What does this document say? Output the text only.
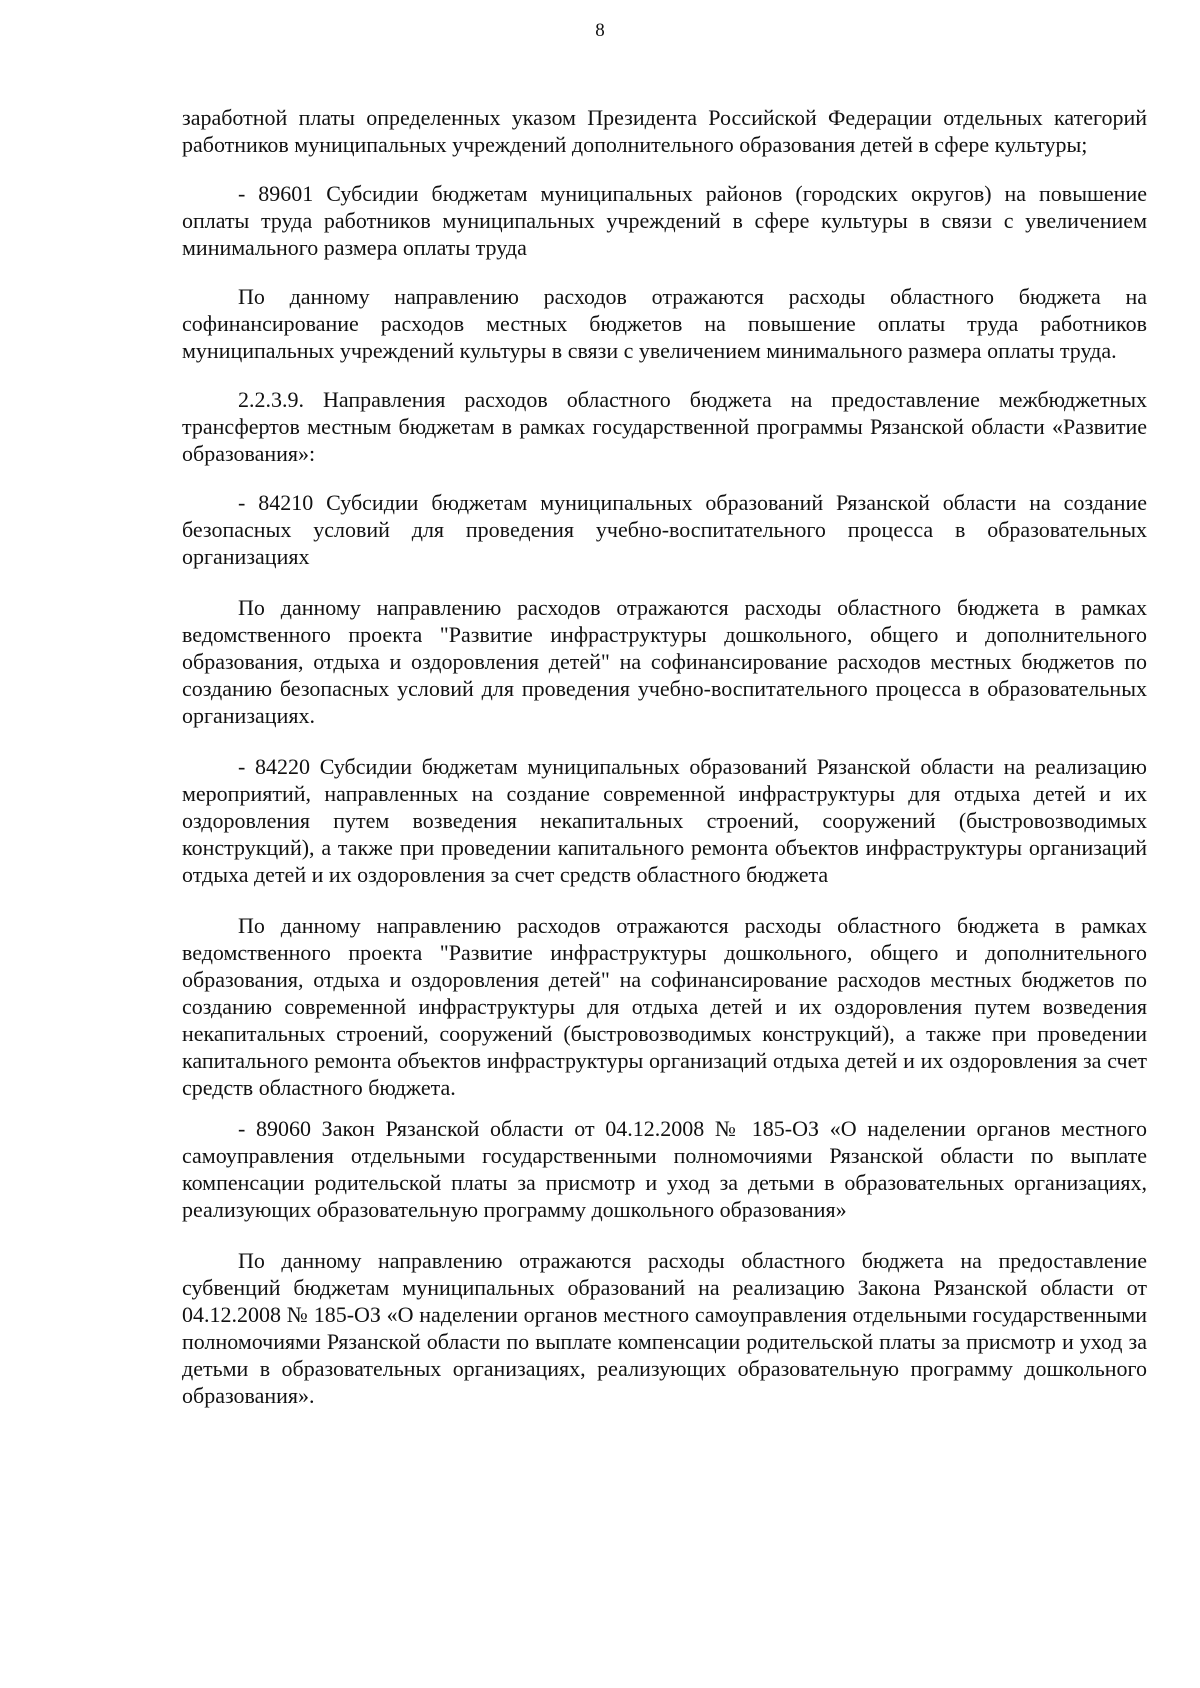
8

заработной платы определенных указом Президента Российской Федерации отдельных категорий работников муниципальных учреждений дополнительного образования детей в сфере культуры;

- 89601 Субсидии бюджетам муниципальных районов (городских округов) на повышение оплаты труда работников муниципальных учреждений в сфере культуры в связи с увеличением минимального размера оплаты труда

По данному направлению расходов отражаются расходы областного бюджета на софинансирование расходов местных бюджетов на повышение оплаты труда работников муниципальных учреждений культуры в связи с увеличением минимального размера оплаты труда.

2.2.3.9. Направления расходов областного бюджета на предоставление межбюджетных трансфертов местным бюджетам в рамках государственной программы Рязанской области «Развитие образования»:

- 84210 Субсидии бюджетам муниципальных образований Рязанской области на создание безопасных условий для проведения учебно-воспитательного процесса в образовательных организациях

По данному направлению расходов отражаются расходы областного бюджета в рамках ведомственного проекта "Развитие инфраструктуры дошкольного, общего и дополнительного образования, отдыха и оздоровления детей" на софинансирование расходов местных бюджетов по созданию безопасных условий для проведения учебно-воспитательного процесса в образовательных организациях.

- 84220 Субсидии бюджетам муниципальных образований Рязанской области на реализацию мероприятий, направленных на создание современной инфраструктуры для отдыха детей и их оздоровления путем возведения некапитальных строений, сооружений (быстровозводимых конструкций), а также при проведении капитального ремонта объектов инфраструктуры организаций отдыха детей и их оздоровления за счет средств областного бюджета

По данному направлению расходов отражаются расходы областного бюджета в рамках ведомственного проекта "Развитие инфраструктуры дошкольного, общего и дополнительного образования, отдыха и оздоровления детей" на софинансирование расходов местных бюджетов по созданию современной инфраструктуры для отдыха детей и их оздоровления путем возведения некапитальных строений, сооружений (быстровозводимых конструкций), а также при проведении капитального ремонта объектов инфраструктуры организаций отдыха детей и их оздоровления за счет средств областного бюджета.

- 89060 Закон Рязанской области от 04.12.2008 № 185-ОЗ «О наделении органов местного самоуправления отдельными государственными полномочиями Рязанской области по выплате компенсации родительской платы за присмотр и уход за детьми в образовательных организациях, реализующих образовательную программу дошкольного образования»

По данному направлению отражаются расходы областного бюджета на предоставление субвенций бюджетам муниципальных образований на реализацию Закона Рязанской области от 04.12.2008 № 185-ОЗ «О наделении органов местного самоуправления отдельными государственными полномочиями Рязанской области по выплате компенсации родительской платы за присмотр и уход за детьми в образовательных организациях, реализующих образовательную программу дошкольного образования».
